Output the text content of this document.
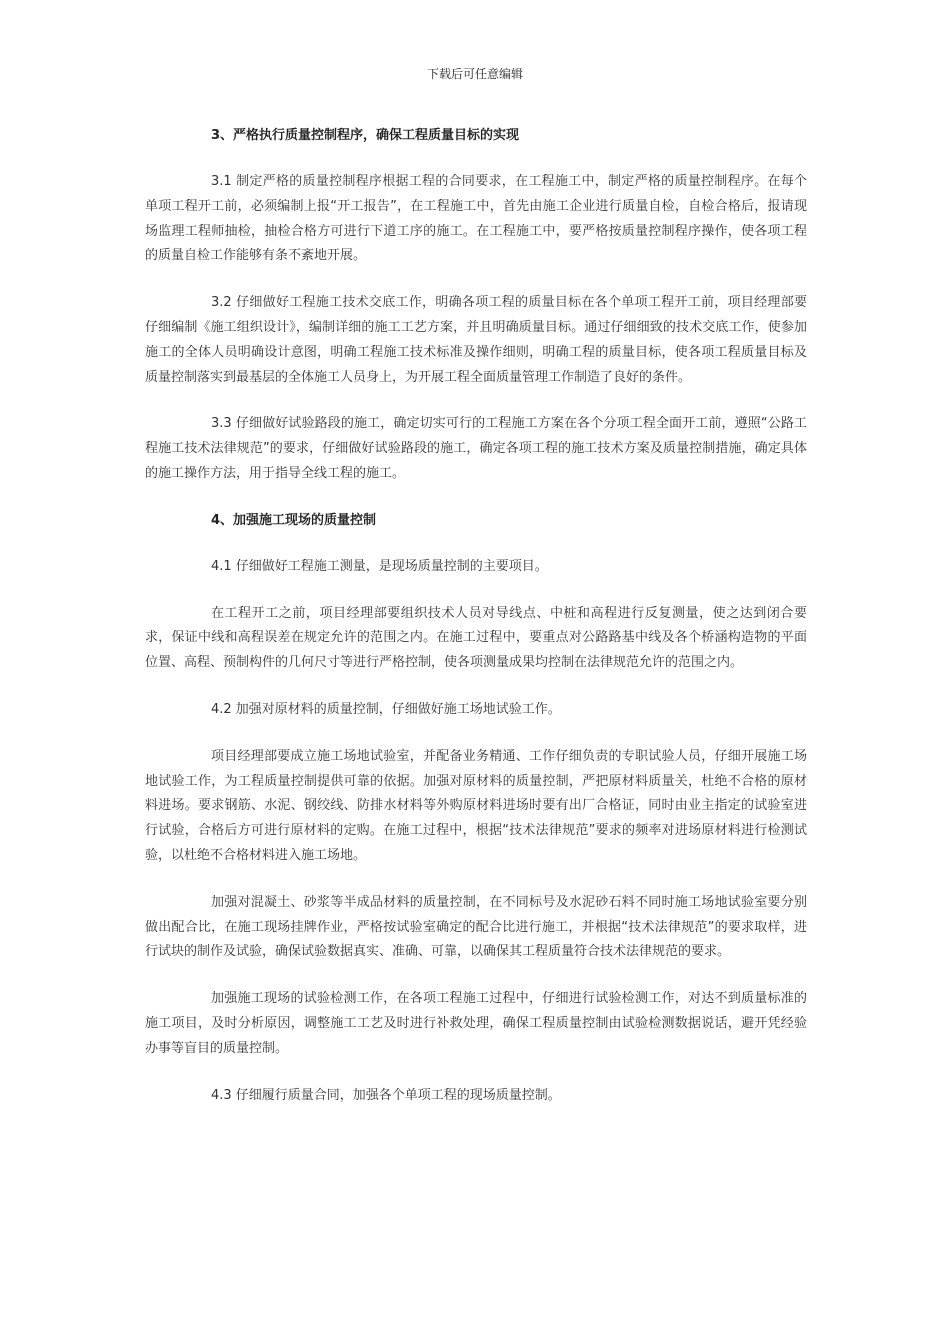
下载后可任意编辑
3、严格执行质量控制程序，确保工程质量目标的实现

3.1 制定严格的质量控制程序根据工程的合同要求，在工程施工中，制定严格的质量控制程序。在每个单项工程开工前，必须编制上报“开工报告”，在工程施工中，首先由施工企业进行质量自检，自检合格后，报请现场监理工程师抽检，抽检合格方可进行下道工序的施工。在工程施工中，要严格按质量控制程序操作，使各项工程的质量自检工作能够有条不紊地开展。

3.2 仔细做好工程施工技术交底工作，明确各项工程的质量目标在各个单项工程开工前，项目经理部要仔细编制《施工组织设计》，编制详细的施工工艺方案，并且明确质量目标。通过仔细细致的技术交底工作，使参加施工的全体人员明确设计意图，明确工程施工技术标准及操作细则，明确工程的质量目标，使各项工程质量目标及质量控制落实到最基层的全体施工人员身上，为开展工程全面质量管理工作制造了良好的条件。

3.3 仔细做好试验路段的施工，确定切实可行的工程施工方案在各个分项工程全面开工前，遵照“公路工程施工技术法律规范”的要求，仔细做好试验路段的施工，确定各项工程的施工技术方案及质量控制措施，确定具体的施工操作方法，用于指导全线工程的施工。

4、加强施工现场的质量控制

4.1 仔细做好工程施工测量，是现场质量控制的主要项目。

在工程开工之前，项目经理部要组织技术人员对导线点、中桩和高程进行反复测量，使之达到闭合要求，保证中线和高程误差在规定允许的范围之内。在施工过程中，要重点对公路路基中线及各个桥涵构造物的平面位置、高程、预制构件的几何尺寸等进行严格控制，使各项测量成果均控制在法律规范允许的范围之内。

4.2 加强对原材料的质量控制，仔细做好施工场地试验工作。

项目经理部要成立施工场地试验室，并配备业务精通、工作仔细负责的专职试验人员，仔细开展施工场地试验工作，为工程质量控制提供可靠的依据。加强对原材料的质量控制，严把原材料质量关，杜绝不合格的原材料进场。要求钢筋、水泥、钢绞线、防排水材料等外购原材料进场时要有出厂合格证，同时由业主指定的试验室进行试验，合格后方可进行原材料的定购。在施工过程中，根据“技术法律规范”要求的频率对进场原材料进行检测试验，以杜绝不合格材料进入施工场地。

加强对混凝土、砂浆等半成品材料的质量控制，在不同标号及水泥砂石料不同时施工场地试验室要分别做出配合比，在施工现场挂牌作业，严格按试验室确定的配合比进行施工，并根据“技术法律规范”的要求取样，进行试块的制作及试验，确保试验数据真实、准确、可靠，以确保其工程质量符合技术法律规范的要求。

加强施工现场的试验检测工作，在各项工程施工过程中，仔细进行试验检测工作，对达不到质量标准的施工项目，及时分析原因，调整施工工艺及时进行补救处理，确保工程质量控制由试验检测数据说话，避开凭经验办事等盲目的质量控制。

4.3 仔细履行质量合同，加强各个单项工程的现场质量控制。
